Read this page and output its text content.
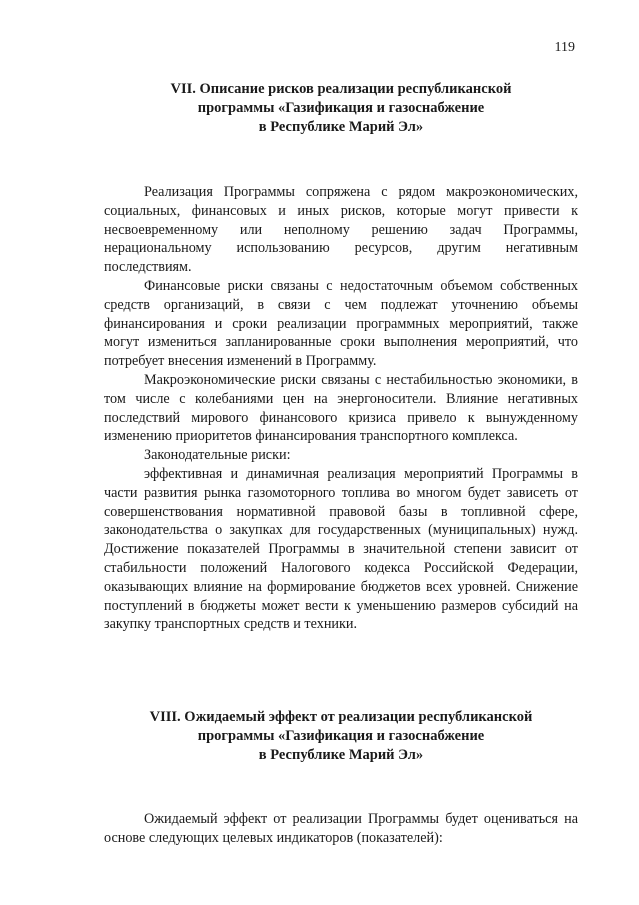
119
VII. Описание рисков реализации республиканской
программы «Газификация и газоснабжение
в Республике Марий Эл»

Реализация Программы сопряжена с рядом макроэкономических, социальных, финансовых и иных рисков, которые могут привести к несвоевременному или неполному решению задач Программы, нерациональному использованию ресурсов, другим негативным последствиям.

Финансовые риски связаны с недостаточным объемом собственных средств организаций, в связи с чем подлежат уточнению объемы финансирования и сроки реализации программных мероприятий, также могут измениться запланированные сроки выполнения мероприятий, что потребует внесения изменений в Программу.

Макроэкономические риски связаны с нестабильностью экономики, в том числе с колебаниями цен на энергоносители. Влияние негативных последствий мирового финансового кризиса привело к вынужденному изменению приоритетов финансирования транспортного комплекса.

Законодательные риски:

эффективная и динамичная реализация мероприятий Программы в части развития рынка газомоторного топлива во многом будет зависеть от совершенствования нормативной правовой базы в топливной сфере, законодательства о закупках для государственных (муниципальных) нужд. Достижение показателей Программы в значительной степени зависит от стабильности положений Налогового кодекса Российской Федерации, оказывающих влияние на формирование бюджетов всех уровней. Снижение поступлений в бюджеты может вести к уменьшению размеров субсидий на закупку транспортных средств и техники.

VIII. Ожидаемый эффект от реализации республиканской
программы «Газификация и газоснабжение
в Республике Марий Эл»

Ожидаемый эффект от реализации Программы будет оцениваться на основе следующих целевых индикаторов (показателей):
